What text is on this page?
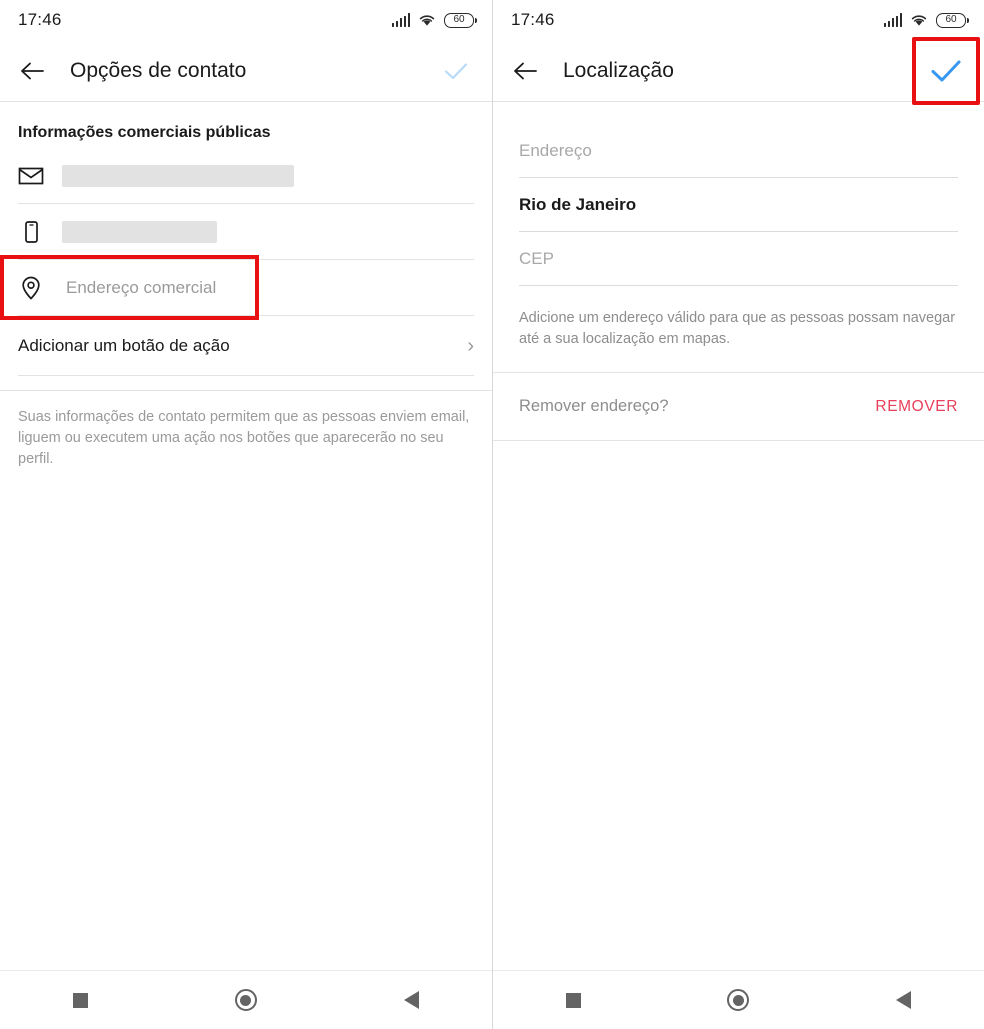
17:46	60
Opções de contato
Informações comerciais públicas
Endereço comercial
Adicionar um botão de ação	›
Suas informações de contato permitem que as pessoas enviem email, liguem ou executem uma ação nos botões que aparecerão no seu perfil.
17:46	60
Localização
Endereço
Rio de Janeiro
CEP
Adicione um endereço válido para que as pessoas possam navegar até a sua localização em mapas.
Remover endereço?	REMOVER
